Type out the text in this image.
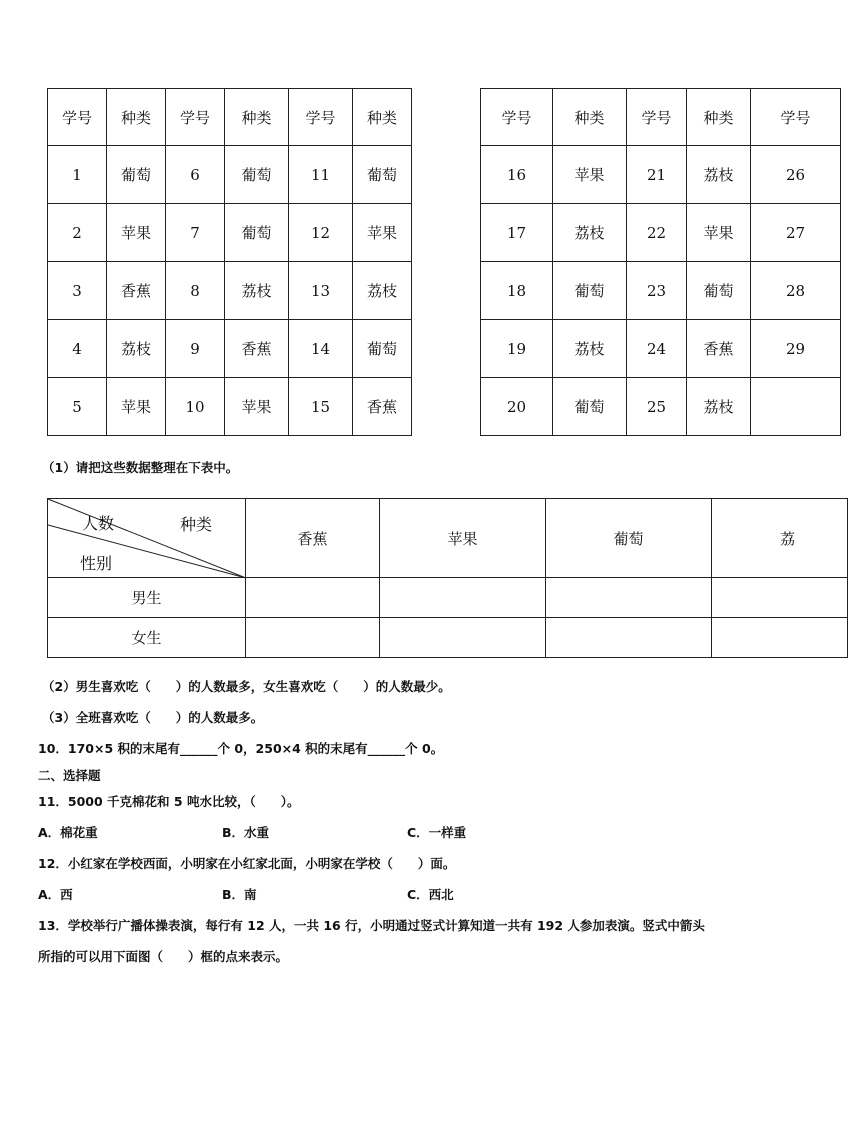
学号	种类	学号	种类	学号	种类
1	葡萄	6	葡萄	11	葡萄
2	苹果	7	葡萄	12	苹果
3	香蕉	8	荔枝	13	荔枝
4	荔枝	9	香蕉	14	葡萄
5	苹果	10	苹果	15	香蕉
学号	种类	学号	种类	学号
16	苹果	21	荔枝	26
17	荔枝	22	苹果	27
18	葡萄	23	葡萄	28
19	荔枝	24	香蕉	29
20	葡萄	25	荔枝	
（1）请把这些数据整理在下表中。
人数 种类
性别	香蕉	苹果	葡萄	荔
男生				
女生				
（2）男生喜欢吃（　　）的人数最多，女生喜欢吃（　　）的人数最少。
（3）全班喜欢吃（　　）的人数最多。
10．170×5 积的末尾有______个 0，250×4 积的末尾有______个 0。
二、选择题
11．5000 千克棉花和 5 吨水比较，（　　）。
A．棉花重	B．水重	C．一样重
12．小红家在学校西面，小明家在小红家北面，小明家在学校（　　）面。
A．西	B．南	C．西北
13．学校举行广播体操表演，每行有 12 人，一共 16 行，小明通过竖式计算知道一共有 192 人参加表演。竖式中箭头
所指的可以用下面图（　　）框的点来表示。
